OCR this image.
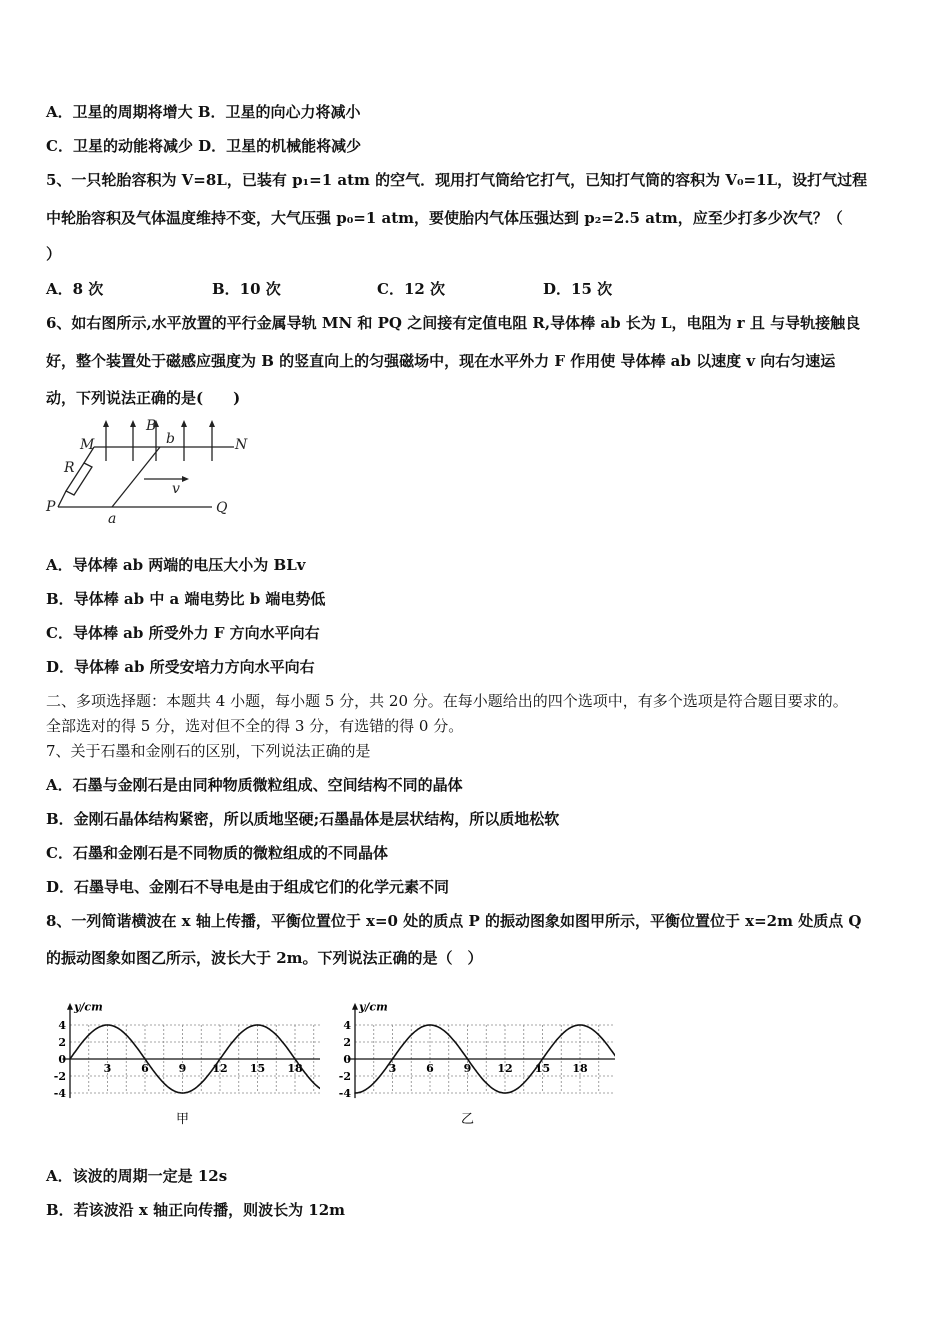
A．卫星的周期将增大 B．卫星的向心力将减小
C．卫星的动能将减少 D．卫星的机械能将减少
5、一只轮胎容积为 V=8L，已装有 p₁=1 atm 的空气．现用打气筒给它打气，已知打气筒的容积为 V₀=1L，设打气过程
中轮胎容积及气体温度维持不变，大气压强 p₀=1 atm，要使胎内气体压强达到 p₂=2.5 atm，应至少打多少次气？（
）
A．8 次	B．10 次	C．12 次	D．15 次
6、如右图所示,水平放置的平行金属导轨 MN 和 PQ 之间接有定值电阻 R,导体棒 ab 长为 L，电阻为 r 且 与导轨接触良
好，整个装置处于磁感应强度为 B 的竖直向上的匀强磁场中，现在水平外力 F 作用使 导体棒 ab 以速度 v 向右匀速运
动，下列说法正确的是(　　)
M	N
P	Q
R
B
b
a
v
A．导体棒 ab 两端的电压大小为 BLv
B．导体棒 ab 中 a 端电势比 b 端电势低
C．导体棒 ab 所受外力 F 方向水平向右
D．导体棒 ab 所受安培力方向水平向右
二、多项选择题：本题共 4 小题，每小题 5 分，共 20 分。在每小题给出的四个选项中，有多个选项是符合题目要求的。
全部选对的得 5 分，选对但不全的得 3 分，有选错的得 0 分。
7、关于石墨和金刚石的区别，下列说法正确的是
A．石墨与金刚石是由同种物质微粒组成、空间结构不同的晶体
B．金刚石晶体结构紧密，所以质地坚硬;石墨晶体是层状结构，所以质地松软
C．石墨和金刚石是不同物质的微粒组成的不同晶体
D．石墨导电、金刚石不导电是由于组成它们的化学元素不同
8、一列简谐横波在 x 轴上传播，平衡位置位于 x=0 处的质点 P 的振动图象如图甲所示，平衡位置位于 x=2m 处质点 Q
的振动图象如图乙所示，波长大于 2m。下列说法正确的是（　）
y/cm
4
2
0
-2
-4
3	6	9 12 15 18
甲
y/cm
4
2
0
-2
-4
3	6	9 12 15 18
乙
A．该波的周期一定是 12s
B．若该波沿 x 轴正向传播，则波长为 12m
